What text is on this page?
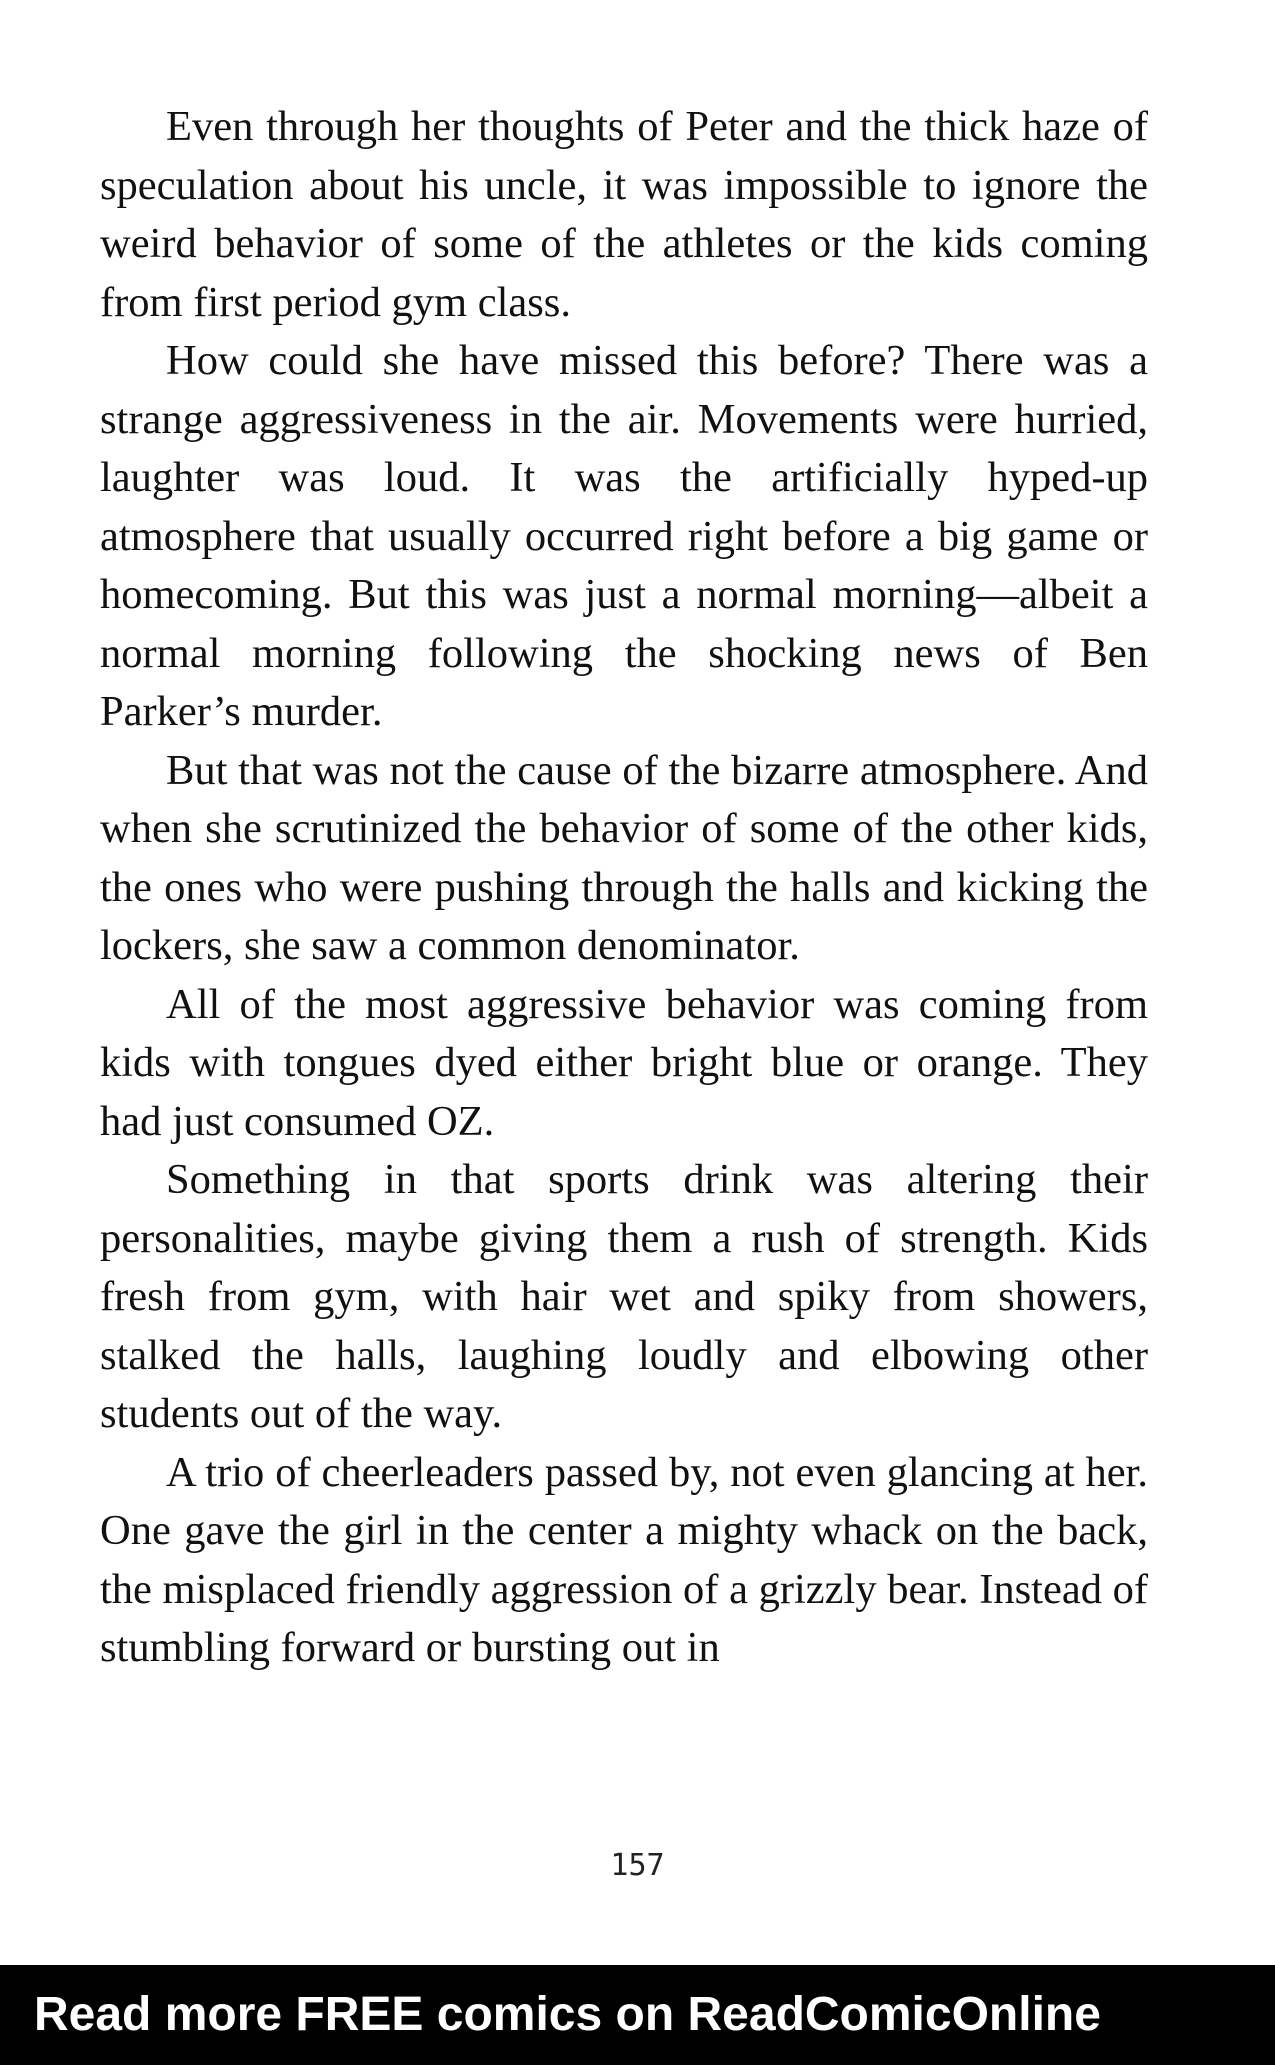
Even through her thoughts of Peter and the thick haze of speculation about his uncle, it was impossible to ignore the weird behavior of some of the athletes or the kids coming from first period gym class.

How could she have missed this before? There was a strange aggressiveness in the air. Movements were hurried, laughter was loud. It was the artificially hyped-up atmosphere that usually occurred right before a big game or homecoming. But this was just a normal morning—albeit a normal morning following the shocking news of Ben Parker’s murder.

But that was not the cause of the bizarre atmosphere. And when she scrutinized the behavior of some of the other kids, the ones who were pushing through the halls and kicking the lockers, she saw a common denominator.

All of the most aggressive behavior was coming from kids with tongues dyed either bright blue or orange. They had just consumed OZ.

Something in that sports drink was altering their personalities, maybe giving them a rush of strength. Kids fresh from gym, with hair wet and spiky from showers, stalked the halls, laughing loudly and elbowing other students out of the way.

A trio of cheerleaders passed by, not even glancing at her. One gave the girl in the center a mighty whack on the back, the misplaced friendly aggression of a grizzly bear. Instead of stumbling forward or bursting out in

157
Read more FREE comics on ReadComicOnline
